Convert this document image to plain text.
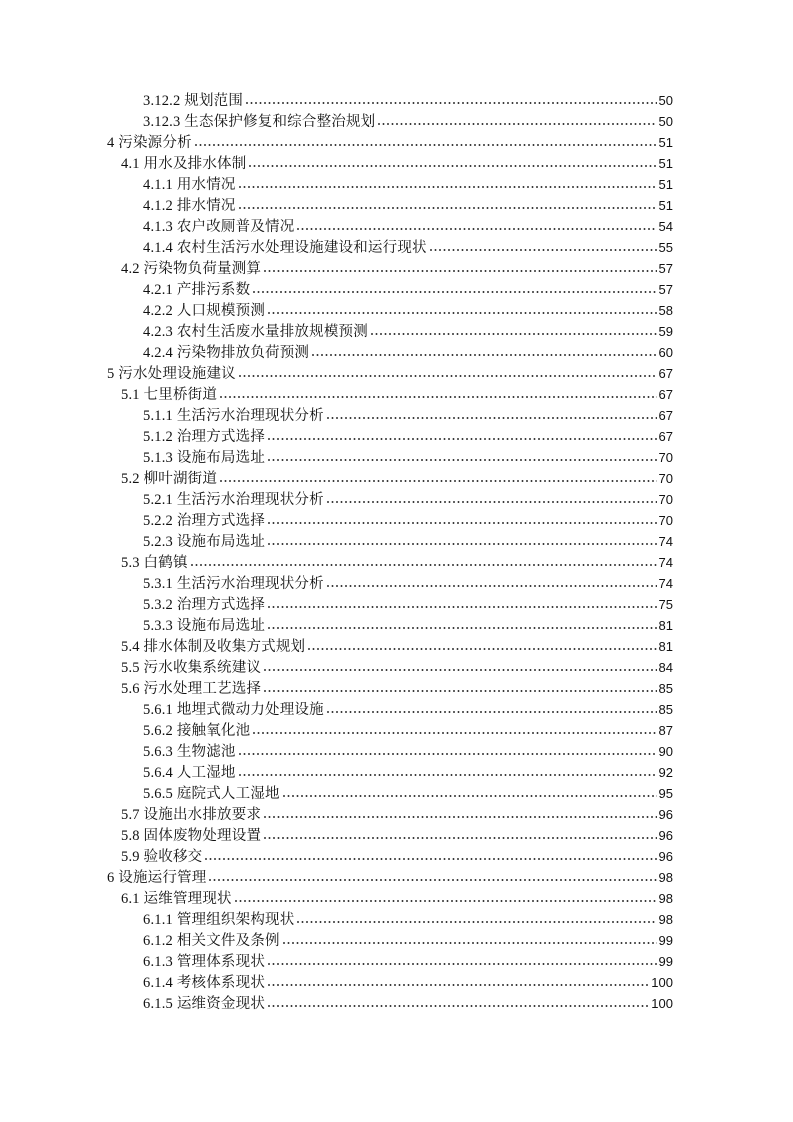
3.12.2 规划范围	50
3.12.3 生态保护修复和综合整治规划	50
4 污染源分析	51
4.1 用水及排水体制	51
4.1.1 用水情况	51
4.1.2 排水情况	51
4.1.3 农户改厕普及情况	54
4.1.4 农村生活污水处理设施建设和运行现状	55
4.2 污染物负荷量测算	57
4.2.1 产排污系数	57
4.2.2 人口规模预测	58
4.2.3 农村生活废水量排放规模预测	59
4.2.4 污染物排放负荷预测	60
5 污水处理设施建议	67
5.1 七里桥街道	67
5.1.1 生活污水治理现状分析	67
5.1.2 治理方式选择	67
5.1.3 设施布局选址	70
5.2 柳叶湖街道	70
5.2.1 生活污水治理现状分析	70
5.2.2 治理方式选择	70
5.2.3 设施布局选址	74
5.3 白鹤镇	74
5.3.1 生活污水治理现状分析	74
5.3.2 治理方式选择	75
5.3.3 设施布局选址	81
5.4 排水体制及收集方式规划	81
5.5 污水收集系统建议	84
5.6 污水处理工艺选择	85
5.6.1 地埋式微动力处理设施	85
5.6.2 接触氧化池	87
5.6.3 生物滤池	90
5.6.4 人工湿地	92
5.6.5 庭院式人工湿地	95
5.7 设施出水排放要求	96
5.8 固体废物处理设置	96
5.9 验收移交	96
6 设施运行管理	98
6.1 运维管理现状	98
6.1.1 管理组织架构现状	98
6.1.2 相关文件及条例	99
6.1.3 管理体系现状	99
6.1.4 考核体系现状	100
6.1.5 运维资金现状	100
